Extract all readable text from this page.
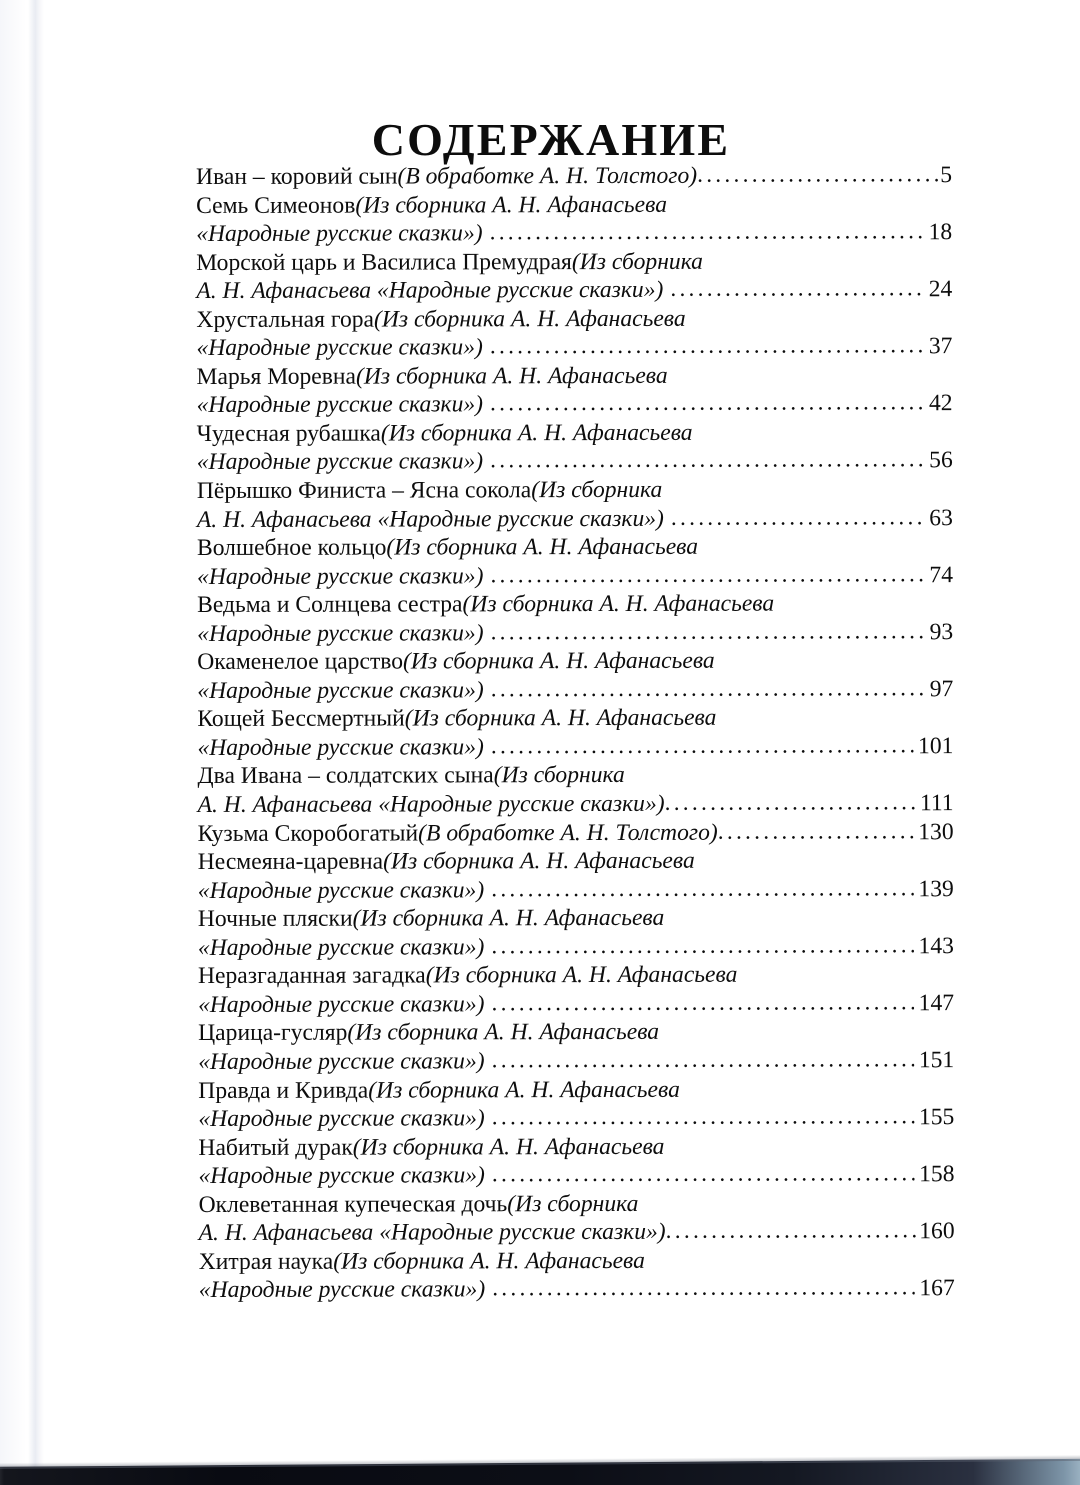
СОДЕРЖАНИЕ
Иван – коровий сын (В обработке А. Н. Толстого) .....	5
Семь Симеонов (Из сборника А. Н. Афанасьева
«Народные русские сказки») .....	18
Морской царь и Василиса Премудрая (Из сборника
А. Н. Афанасьева «Народные русские сказки») .....	24
Хрустальная гора (Из сборника А. Н. Афанасьева
«Народные русские сказки») .....	37
Марья Моревна (Из сборника А. Н. Афанасьева
«Народные русские сказки») .....	42
Чудесная рубашка (Из сборника А. Н. Афанасьева
«Народные русские сказки») .....	56
Пёрышко Финиста – Ясна сокола (Из сборника
А. Н. Афанасьева «Народные русские сказки») .....	63
Волшебное кольцо (Из сборника А. Н. Афанасьева
«Народные русские сказки») .....	74
Ведьма и Солнцева сестра (Из сборника А. Н. Афанасьева
«Народные русские сказки») .....	93
Окаменелое царство (Из сборника А. Н. Афанасьева
«Народные русские сказки») .....	97
Кощей Бессмертный (Из сборника А. Н. Афанасьева
«Народные русские сказки») .....	101
Два Ивана – солдатских сына (Из сборника
А. Н. Афанасьева «Народные русские сказки») .....	111
Кузьма Скоробогатый (В обработке А. Н. Толстого) .....	130
Несмеяна-царевна (Из сборника А. Н. Афанасьева
«Народные русские сказки») .....	139
Ночные пляски (Из сборника А. Н. Афанасьева
«Народные русские сказки») .....	143
Неразгаданная загадка (Из сборника А. Н. Афанасьева
«Народные русские сказки») .....	147
Царица-гусляр (Из сборника А. Н. Афанасьева
«Народные русские сказки») .....	151
Правда и Кривда (Из сборника А. Н. Афанасьева
«Народные русские сказки») .....	155
Набитый дурак (Из сборника А. Н. Афанасьева
«Народные русские сказки») .....	158
Оклеветанная купеческая дочь (Из сборника
А. Н. Афанасьева «Народные русские сказки») .....	160
Хитрая наука (Из сборника А. Н. Афанасьева
«Народные русские сказки») .....	167
